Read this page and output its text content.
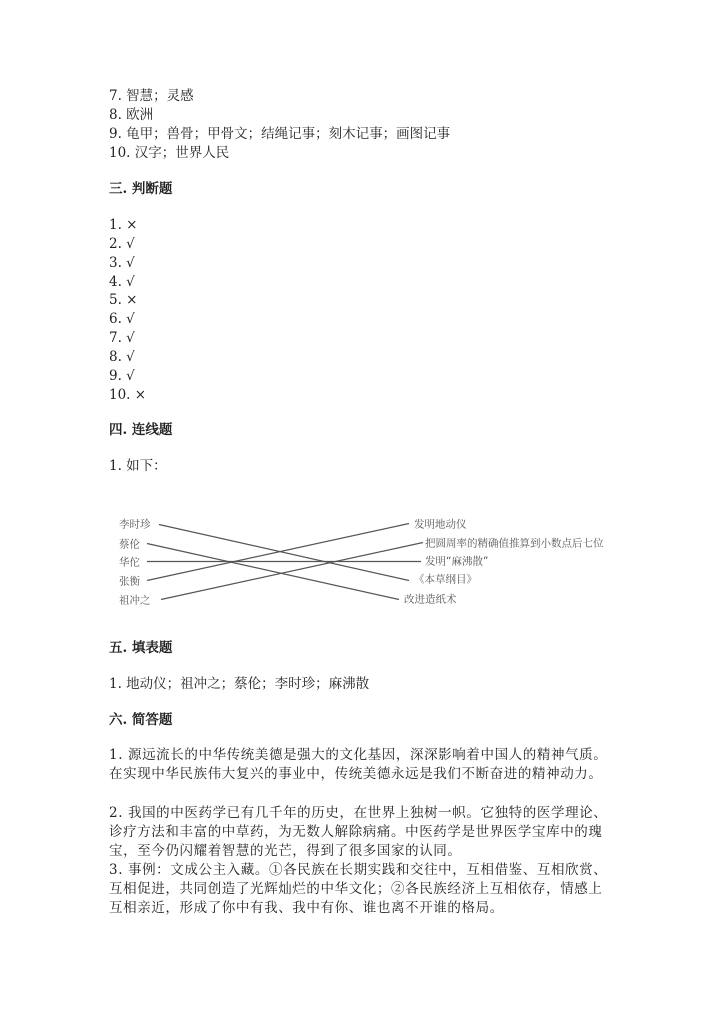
7. 智慧；灵感
8. 欧洲
9. 龟甲；兽骨；甲骨文；结绳记事；刻木记事；画图记事
10. 汉字；世界人民
三. 判断题
1. ×
2. √
3. √
4. √
5. ×
6. √
7. √
8. √
9. √
10. ×
四. 连线题
1. 如下：
李时珍
蔡伦
华佗
张衡
祖冲之
发明地动仪
把圆周率的精确值推算到小数点后七位
发明“麻沸散”
《本草纲目》
改进造纸术
五. 填表题
1. 地动仪；祖冲之；蔡伦；李时珍；麻沸散
六. 简答题
1. 源远流长的中华传统美德是强大的文化基因，深深影响着中国人的精神气质。在实现中华民族伟大复兴的事业中，传统美德永远是我们不断奋进的精神动力。
2. 我国的中医药学已有几千年的历史，在世界上独树一帜。它独特的医学理论、诊疗方法和丰富的中草药，为无数人解除病痛。中医药学是世界医学宝库中的瑰宝，至今仍闪耀着智慧的光芒，得到了很多国家的认同。
3. 事例：文成公主入藏。①各民族在长期实践和交往中，互相借鉴、互相欣赏、互相促进，共同创造了光辉灿烂的中华文化；②各民族经济上互相依存，情感上互相亲近，形成了你中有我、我中有你、谁也离不开谁的格局。
